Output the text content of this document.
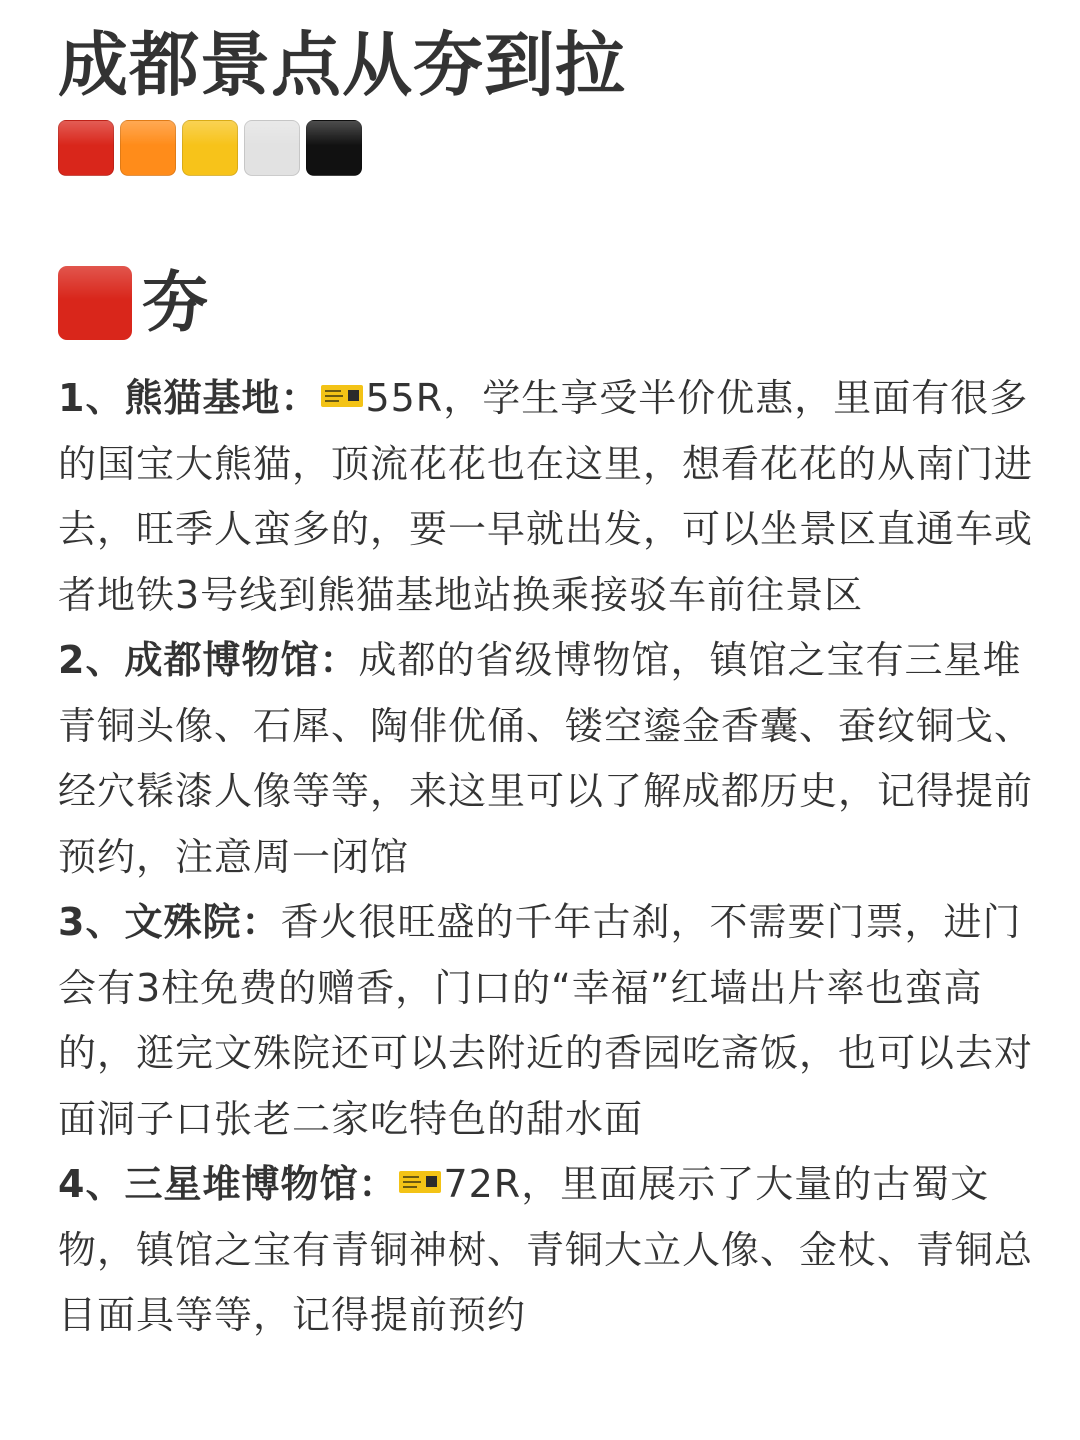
成都景点从夯到拉
夯
1、熊猫基地： 55R，学生享受半价优惠，里面有很多的国宝大熊猫，顶流花花也在这里，想看花花的从南门进去，旺季人蛮多的，要一早就出发，可以坐景区直通车或者地铁3号线到熊猫基地站换乘接驳车前往景区
2、成都博物馆：成都的省级博物馆，镇馆之宝有三星堆青铜头像、石犀、陶俳优俑、镂空鎏金香囊、蚕纹铜戈、经穴髹漆人像等等，来这里可以了解成都历史，记得提前预约，注意周一闭馆
3、文殊院：香火很旺盛的千年古刹，不需要门票，进门会有3柱免费的赠香，门口的“幸福”红墙出片率也蛮高的，逛完文殊院还可以去附近的香园吃斋饭，也可以去对面洞子口张老二家吃特色的甜水面
4、三星堆博物馆： 72R，里面展示了大量的古蜀文物，镇馆之宝有青铜神树、青铜大立人像、金杖、青铜总目面具等等，记得提前预约
